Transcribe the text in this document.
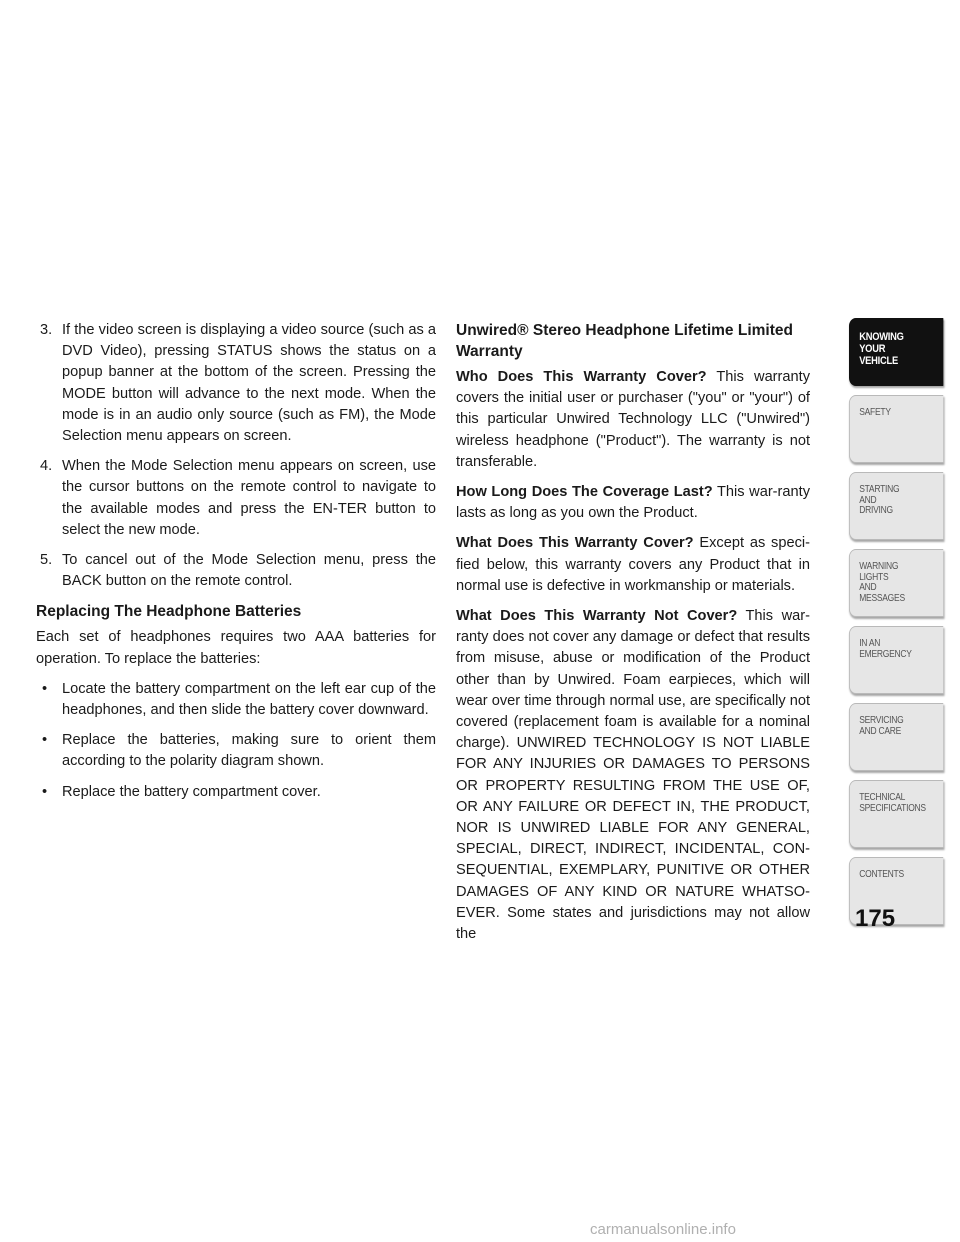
3. If the video screen is displaying a video source (such as a DVD Video), pressing STATUS shows the status on a popup banner at the bottom of the screen. Pressing the MODE button will advance to the next mode. When the mode is in an audio only source (such as FM), the Mode Selection menu appears on screen.
4. When the Mode Selection menu appears on screen, use the cursor buttons on the remote control to navigate to the available modes and press the EN-TER button to select the new mode.
5. To cancel out of the Mode Selection menu, press the BACK button on the remote control.
Replacing The Headphone Batteries

Each set of headphones requires two AAA batteries for operation. To replace the batteries:

• Locate the battery compartment on the left ear cup of the headphones, and then slide the battery cover downward.
• Replace the batteries, making sure to orient them according to the polarity diagram shown.
• Replace the battery compartment cover.
Unwired® Stereo Headphone Lifetime Limited Warranty

Who Does This Warranty Cover? This warranty covers the initial user or purchaser ("you" or "your") of this particular Unwired Technology LLC ("Unwired") wireless headphone ("Product"). The warranty is not transferable.

How Long Does The Coverage Last? This war-ranty lasts as long as you own the Product.

What Does This Warranty Cover? Except as speci-fied below, this warranty covers any Product that in normal use is defective in workmanship or materials.

What Does This Warranty Not Cover? This war-ranty does not cover any damage or defect that results from misuse, abuse or modification of the Product other than by Unwired. Foam earpieces, which will wear over time through normal use, are specifically not covered (replacement foam is available for a nominal charge). UNWIRED TECHNOLOGY IS NOT LIABLE FOR ANY INJURIES OR DAMAGES TO PERSONS OR PROPERTY RESULTING FROM THE USE OF, OR ANY FAILURE OR DEFECT IN, THE PRODUCT, NOR IS UNWIRED LIABLE FOR ANY GENERAL, SPECIAL, DIRECT, INDIRECT, INCIDENTAL, CON-SEQUENTIAL, EXEMPLARY, PUNITIVE OR OTHER DAMAGES OF ANY KIND OR NATURE WHATSO-EVER. Some states and jurisdictions may not allow the

KNOWING
YOUR
VEHICLE
SAFETY
STARTING
AND
DRIVING
WARNING
LIGHTS
AND
MESSAGES
IN AN
EMERGENCY
SERVICING
AND CARE
TECHNICAL
SPECIFICATIONS
CONTENTS
175
carmanualsonline.info
